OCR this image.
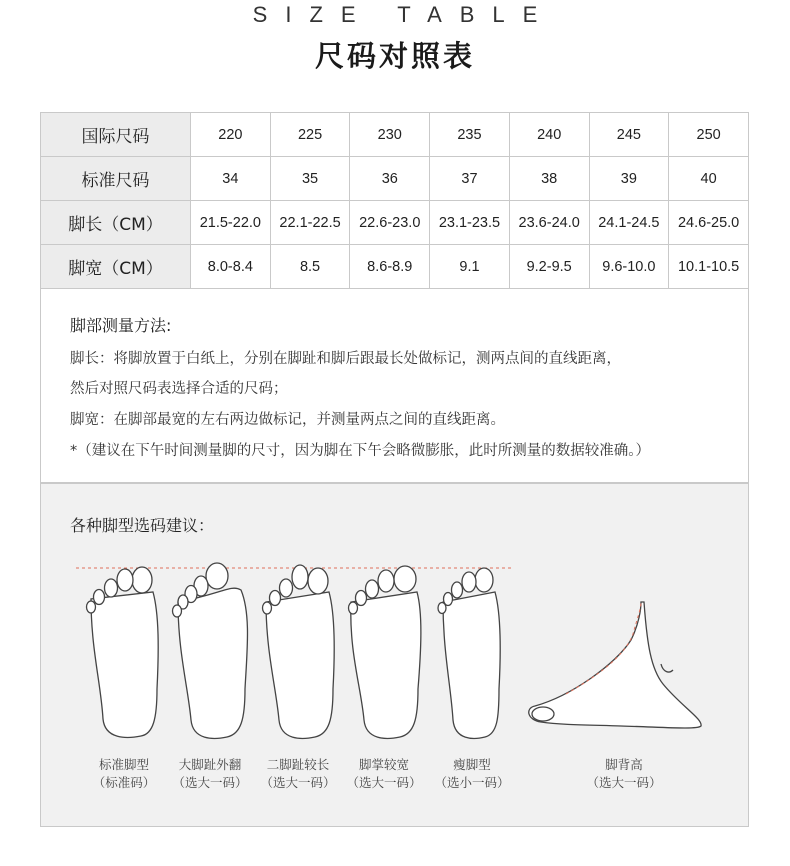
SIZE TABLE
尺码对照表
国际尺码	220	225	230	235	240	245	250
标准尺码	34	35	36	37	38	39	40
脚长（CM）	21.5-22.0	22.1-22.5	22.6-23.0	23.1-23.5	23.6-24.0	24.1-24.5	24.6-25.0
脚宽（CM）	8.0-8.4	8.5	8.6-8.9	9.1	9.2-9.5	9.6-10.0	10.1-10.5
脚部测量方法:
脚长：将脚放置于白纸上，分别在脚趾和脚后跟最长处做标记，测两点间的直线距离，
然后对照尺码表选择合适的尺码；
脚宽：在脚部最宽的左右两边做标记，并测量两点之间的直线距离。
*（建议在下午时间测量脚的尺寸，因为脚在下午会略微膨胀，此时所测量的数据较准确。）
各种脚型选码建议：
标准脚型
（标准码）
大脚趾外翻
（选大一码）
二脚趾较长
（选大一码）
脚掌较宽
（选大一码）
瘦脚型
（选小一码）
脚背高
（选大一码）
